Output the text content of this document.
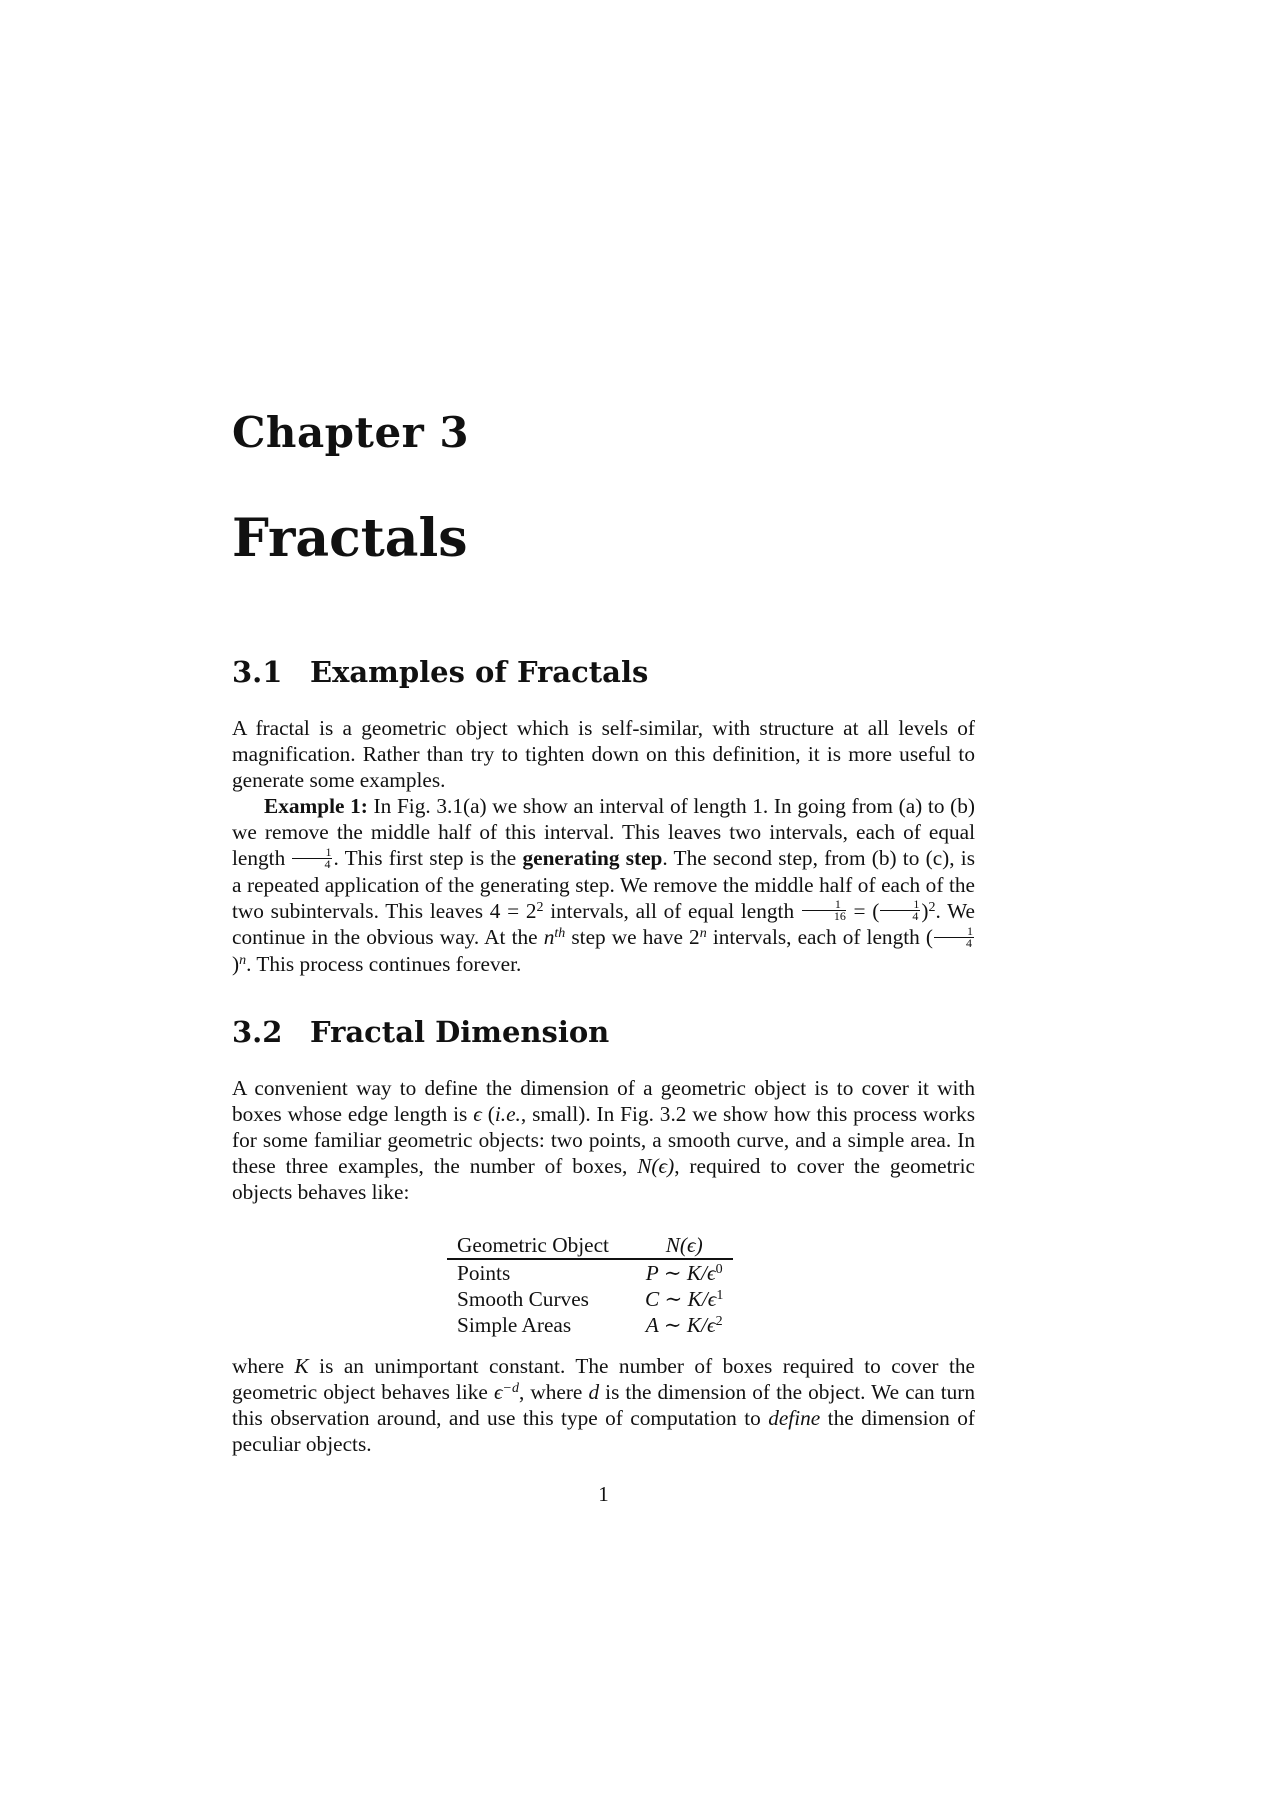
Chapter 3
Fractals
3.1 Examples of Fractals
A fractal is a geometric object which is self-similar, with structure at all levels of magnification. Rather than try to tighten down on this definition, it is more useful to generate some examples.
Example 1: In Fig. 3.1(a) we show an interval of length 1. In going from (a) to (b) we remove the middle half of this interval. This leaves two intervals, each of equal length $\frac{1}{4}$ . This first step is the generating step. The second step, from (b) to (c), is a repeated application of the generating step. We remove the middle half of each of the two subintervals. This leaves $4 = 2^2$ intervals, all of equal length $\frac{1}{16}$ = ( $\frac{1}{4} )^2$. We continue in the obvious way. At the $n^{th}$ step we have 2$^n$ intervals, each of length ( $\frac{1}{4}$
)$^n$. This process continues forever.
3.2 Fractal Dimension
A convenient way to define the dimension of a geometric object is to cover it with boxes whose edge length is ϵ (i.e., small). In Fig. 3.2 we show how this process works for some familiar geometric objects: two points, a smooth curve, and a simple area. In these three examples, the number of boxes, N(ϵ), required to cover the geometric objects behaves like:
Geometric Object	N(ϵ)
Points	P ∼ $K/\epsilon^0$
Smooth Curves	C ∼ $K/\epsilon^1$
Simple Areas	A ∼ $K/\epsilon^2$
where K is an unimportant constant. The number of boxes required to cover the geometric object behaves like $\epsilon^{-d}$, where d is the dimension of the object. We can turn this observation around, and use this type of computation to define the dimension of peculiar objects.
1
